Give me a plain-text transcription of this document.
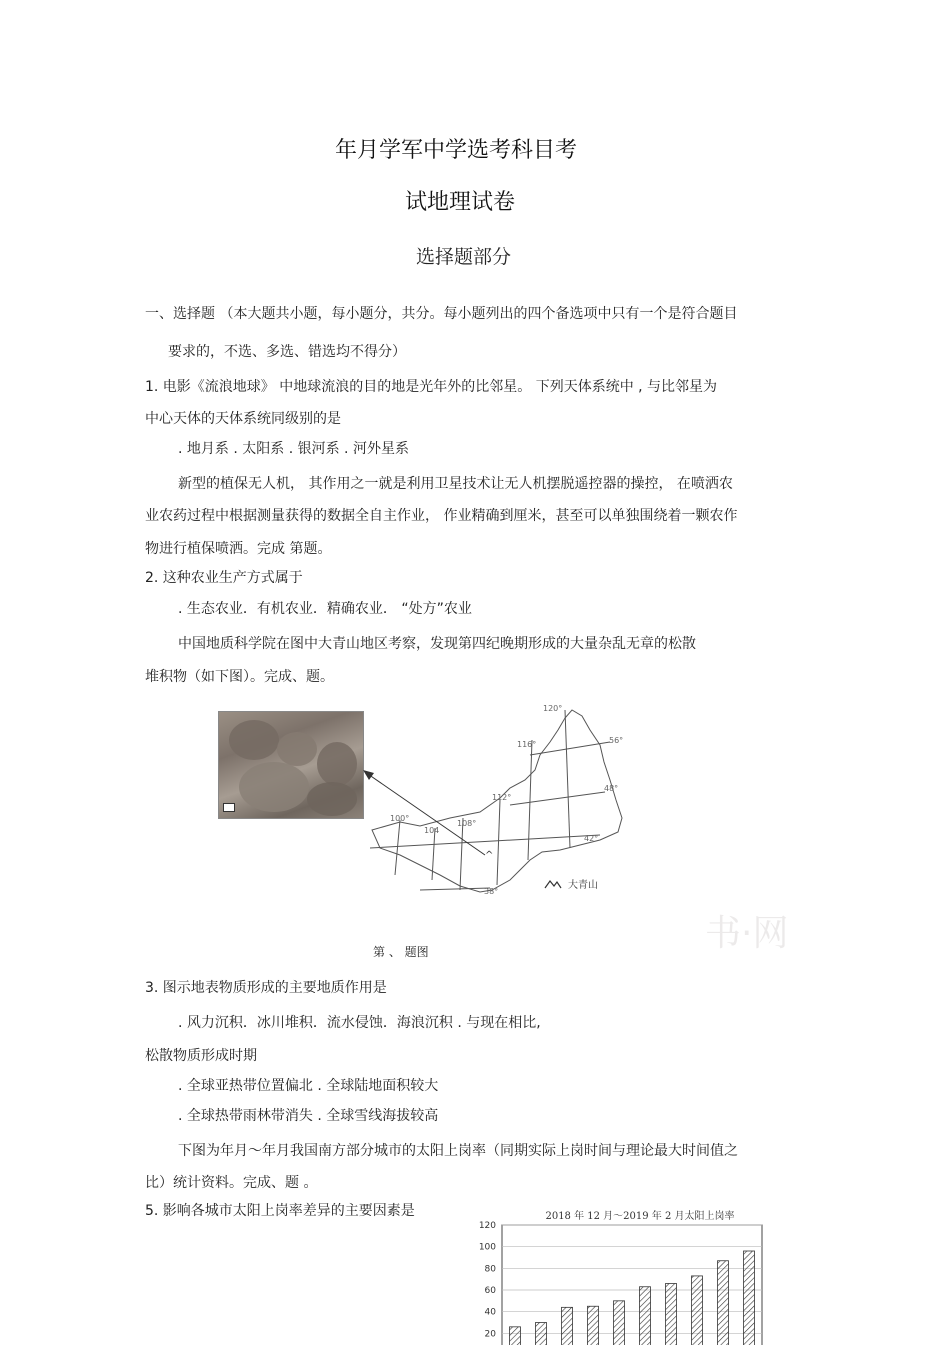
年月学军中学选考科目考
试地理试卷
选择题部分
一、选择题 （本大题共小题，每小题分，共分。每小题列出的四个备选项中只有一个是符合题目
要求的，不选、多选、错选均不得分）
1. 电影《流浪地球》 中地球流浪的目的地是光年外的比邻星。 下列天体系统中 , 与比邻星为
中心天体的天体系统同级别的是
. 地月系 . 太阳系 . 银河系 . 河外星系
新型的植保无人机， 其作用之一就是利用卫星技术让无人机摆脱遥控器的操控， 在喷洒农
业农药过程中根据测量获得的数据全自主作业， 作业精确到厘米，甚至可以单独围绕着一颗农作
物进行植保喷洒。完成 第题。
2. 这种农业生产方式属于
. 生态农业．有机农业．精确农业． “处方”农业
中国地质科学院在图中大青山地区考察，发现第四纪晚期形成的大量杂乱无章的松散
堆积物（如下图）。完成、题。
^
120°
116°
112°
108°
104
100°
56°
48°
42°
38°
大青山
书·网
第 、 题图
3. 图示地表物质形成的主要地质作用是
. 风力沉积．冰川堆积．流水侵蚀．海浪沉积 . 与现在相比,
松散物质形成时期
. 全球亚热带位置偏北 . 全球陆地面积较大
. 全球热带雨林带消失 . 全球雪线海拔较高
下图为年月～年月我国南方部分城市的太阳上岗率（同期实际上岗时间与理论最大时间值之
比）统计资料。完成、题 。
5. 影响各城市太阳上岗率差异的主要因素是	2018 年 12 月～2019 年 2 月太阳上岗率
120
100
80
60
40
20
